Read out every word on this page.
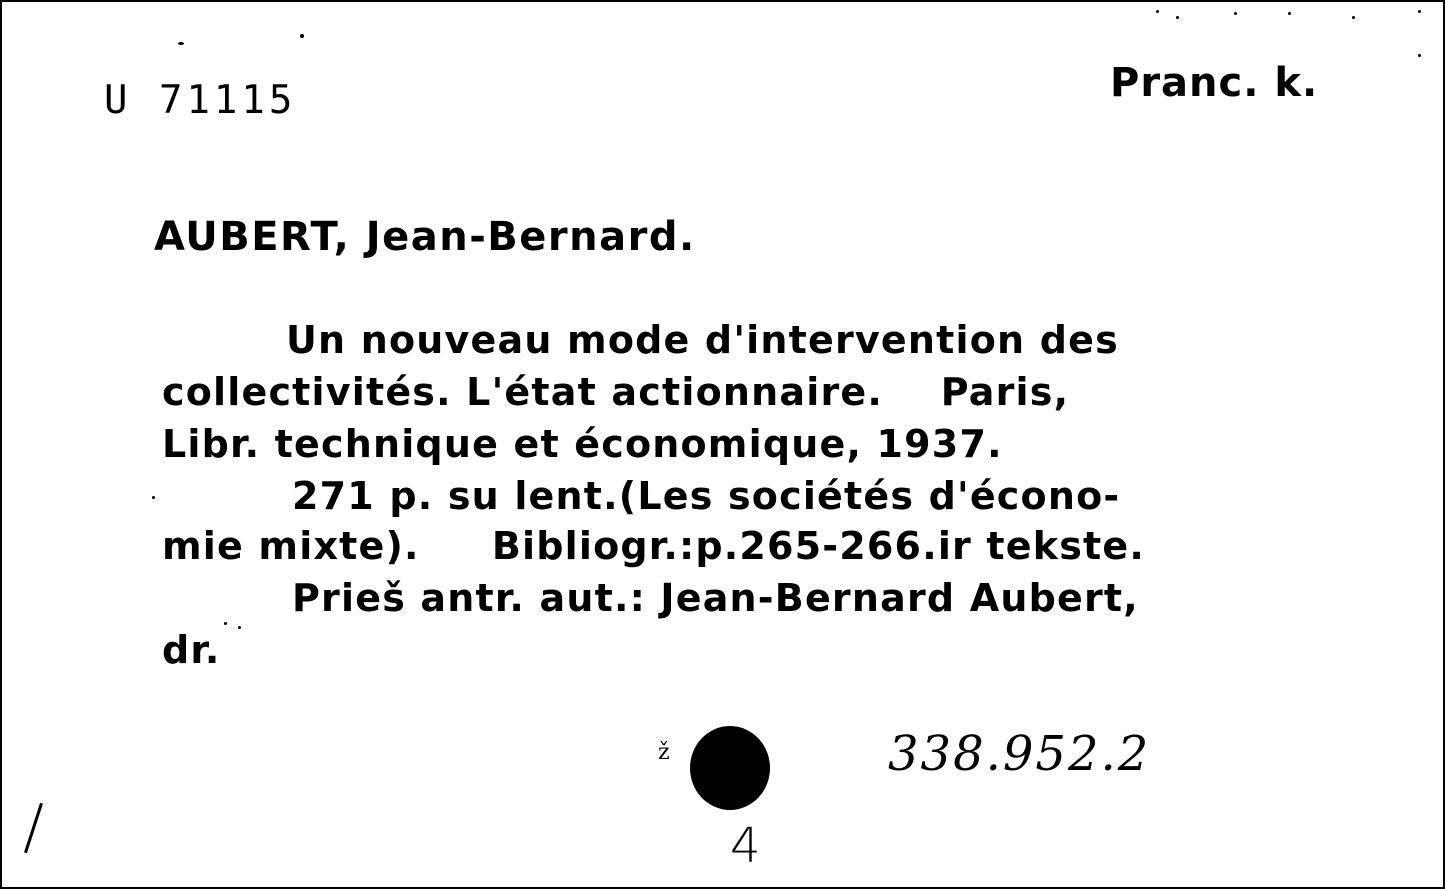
U 71115	Pranc. k.
AUBERT, Jean-Bernard.
Un nouveau mode d'intervention des
collectivités. L'état actionnaire.    Paris,
Libr. technique et économique, 1937.
271 p. su lent.(Les sociétés d'écono-
mie mixte).     Bibliogr.:p.265-266.ir tekste.
Prieš antr. aut.: Jean-Bernard Aubert,
dr.
ž	338.952.2
4
